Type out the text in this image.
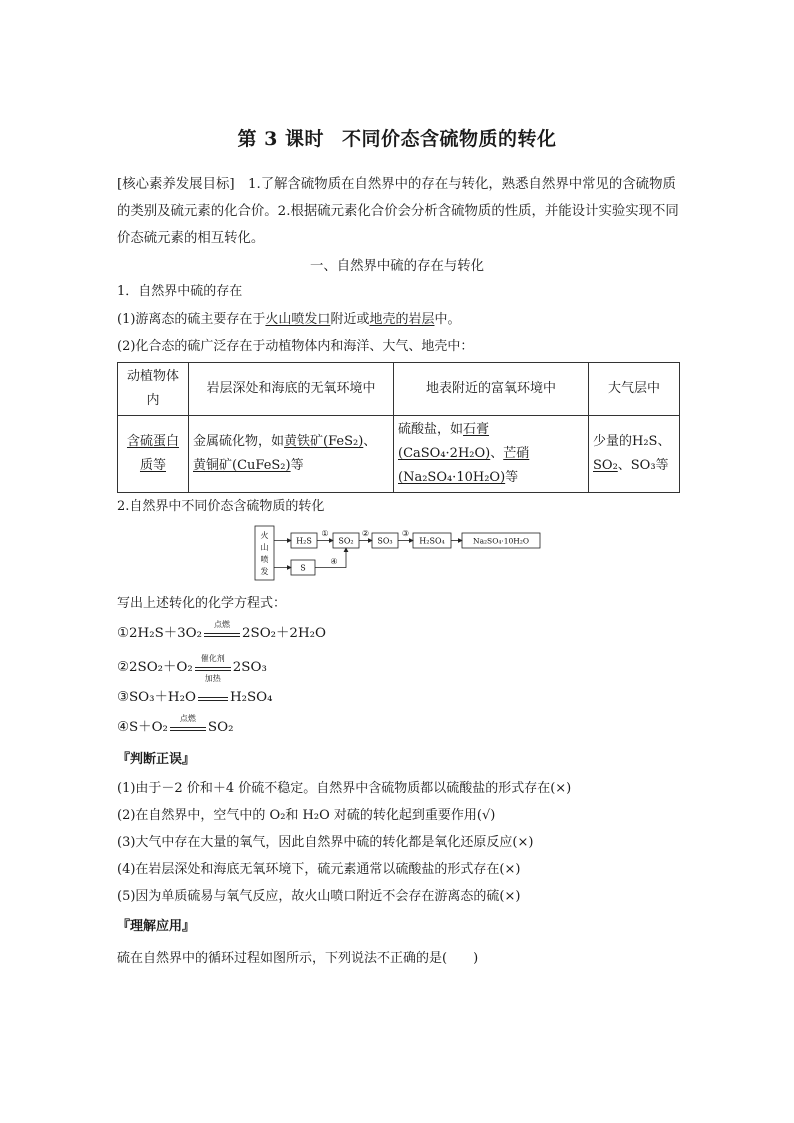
第 3 课时 不同价态含硫物质的转化
[核心素养发展目标]　1.了解含硫物质在自然界中的存在与转化，熟悉自然界中常见的含硫物质的类别及硫元素的化合价。2.根据硫元素化合价会分析含硫物质的性质，并能设计实验实现不同价态硫元素的相互转化。
一、自然界中硫的存在与转化
1．自然界中硫的存在
(1)游离态的硫主要存在于火山喷发口附近或地壳的岩层中。
(2)化合态的硫广泛存在于动植物体内和海洋、大气、地壳中：
动植物体内	岩层深处和海底的无氧环境中	地表附近的富氧环境中	大气层中
含硫蛋白质等	金属硫化物，如黄铁矿(FeS₂)、黄铜矿(CuFeS₂)等	硫酸盐，如石膏(CaSO₄·2H₂O)、芒硝(Na₂SO₄·10H₂O)等	少量的H₂S、SO₂、SO₃等
2.自然界中不同价态含硫物质的转化
火
山
喷
发
H₂S	SO₂	SO₃	H₂SO₄	Na₂SO₄·10H₂O
S
①	②	③
④
写出上述转化的化学方程式：
①2H₂S＋3O₂
点燃
2SO₂＋2H₂O
②2SO₂＋O₂
催化剂
加热
2SO₃
③SO₃＋H₂O	H₂SO₄
④S＋O₂
点燃
SO₂
『判断正误』
(1)由于－2 价和＋4 价硫不稳定。自然界中含硫物质都以硫酸盐的形式存在(×)
(2)在自然界中，空气中的 O₂和 H₂O 对硫的转化起到重要作用(√)
(3)大气中存在大量的氧气，因此自然界中硫的转化都是氧化还原反应(×)
(4)在岩层深处和海底无氧环境下，硫元素通常以硫酸盐的形式存在(×)
(5)因为单质硫易与氧气反应，故火山喷口附近不会存在游离态的硫(×)
『理解应用』
硫在自然界中的循环过程如图所示，下列说法不正确的是(　　)
